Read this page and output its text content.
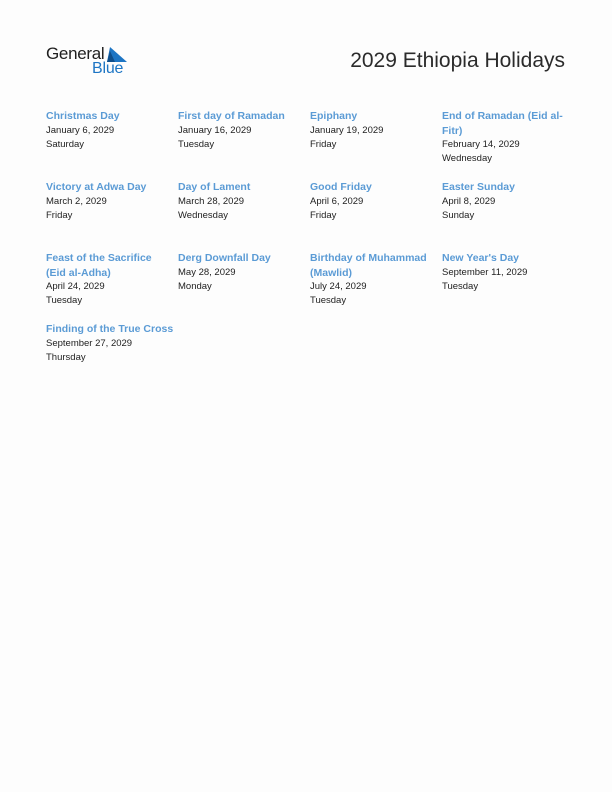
General
Blue	2029 Ethiopia Holidays
Christmas Day
January 6, 2029
Saturday
First day of Ramadan
January 16, 2029
Tuesday
Epiphany
January 19, 2029
Friday
End of Ramadan (Eid al-Fitr)
February 14, 2029
Wednesday
Victory at Adwa Day
March 2, 2029
Friday
Day of Lament
March 28, 2029
Wednesday
Good Friday
April 6, 2029
Friday
Easter Sunday
April 8, 2029
Sunday
Feast of the Sacrifice (Eid al-Adha)
April 24, 2029
Tuesday
Derg Downfall Day
May 28, 2029
Monday
Birthday of Muhammad (Mawlid)
July 24, 2029
Tuesday
New Year's Day
September 11, 2029
Tuesday
Finding of the True Cross
September 27, 2029
Thursday
